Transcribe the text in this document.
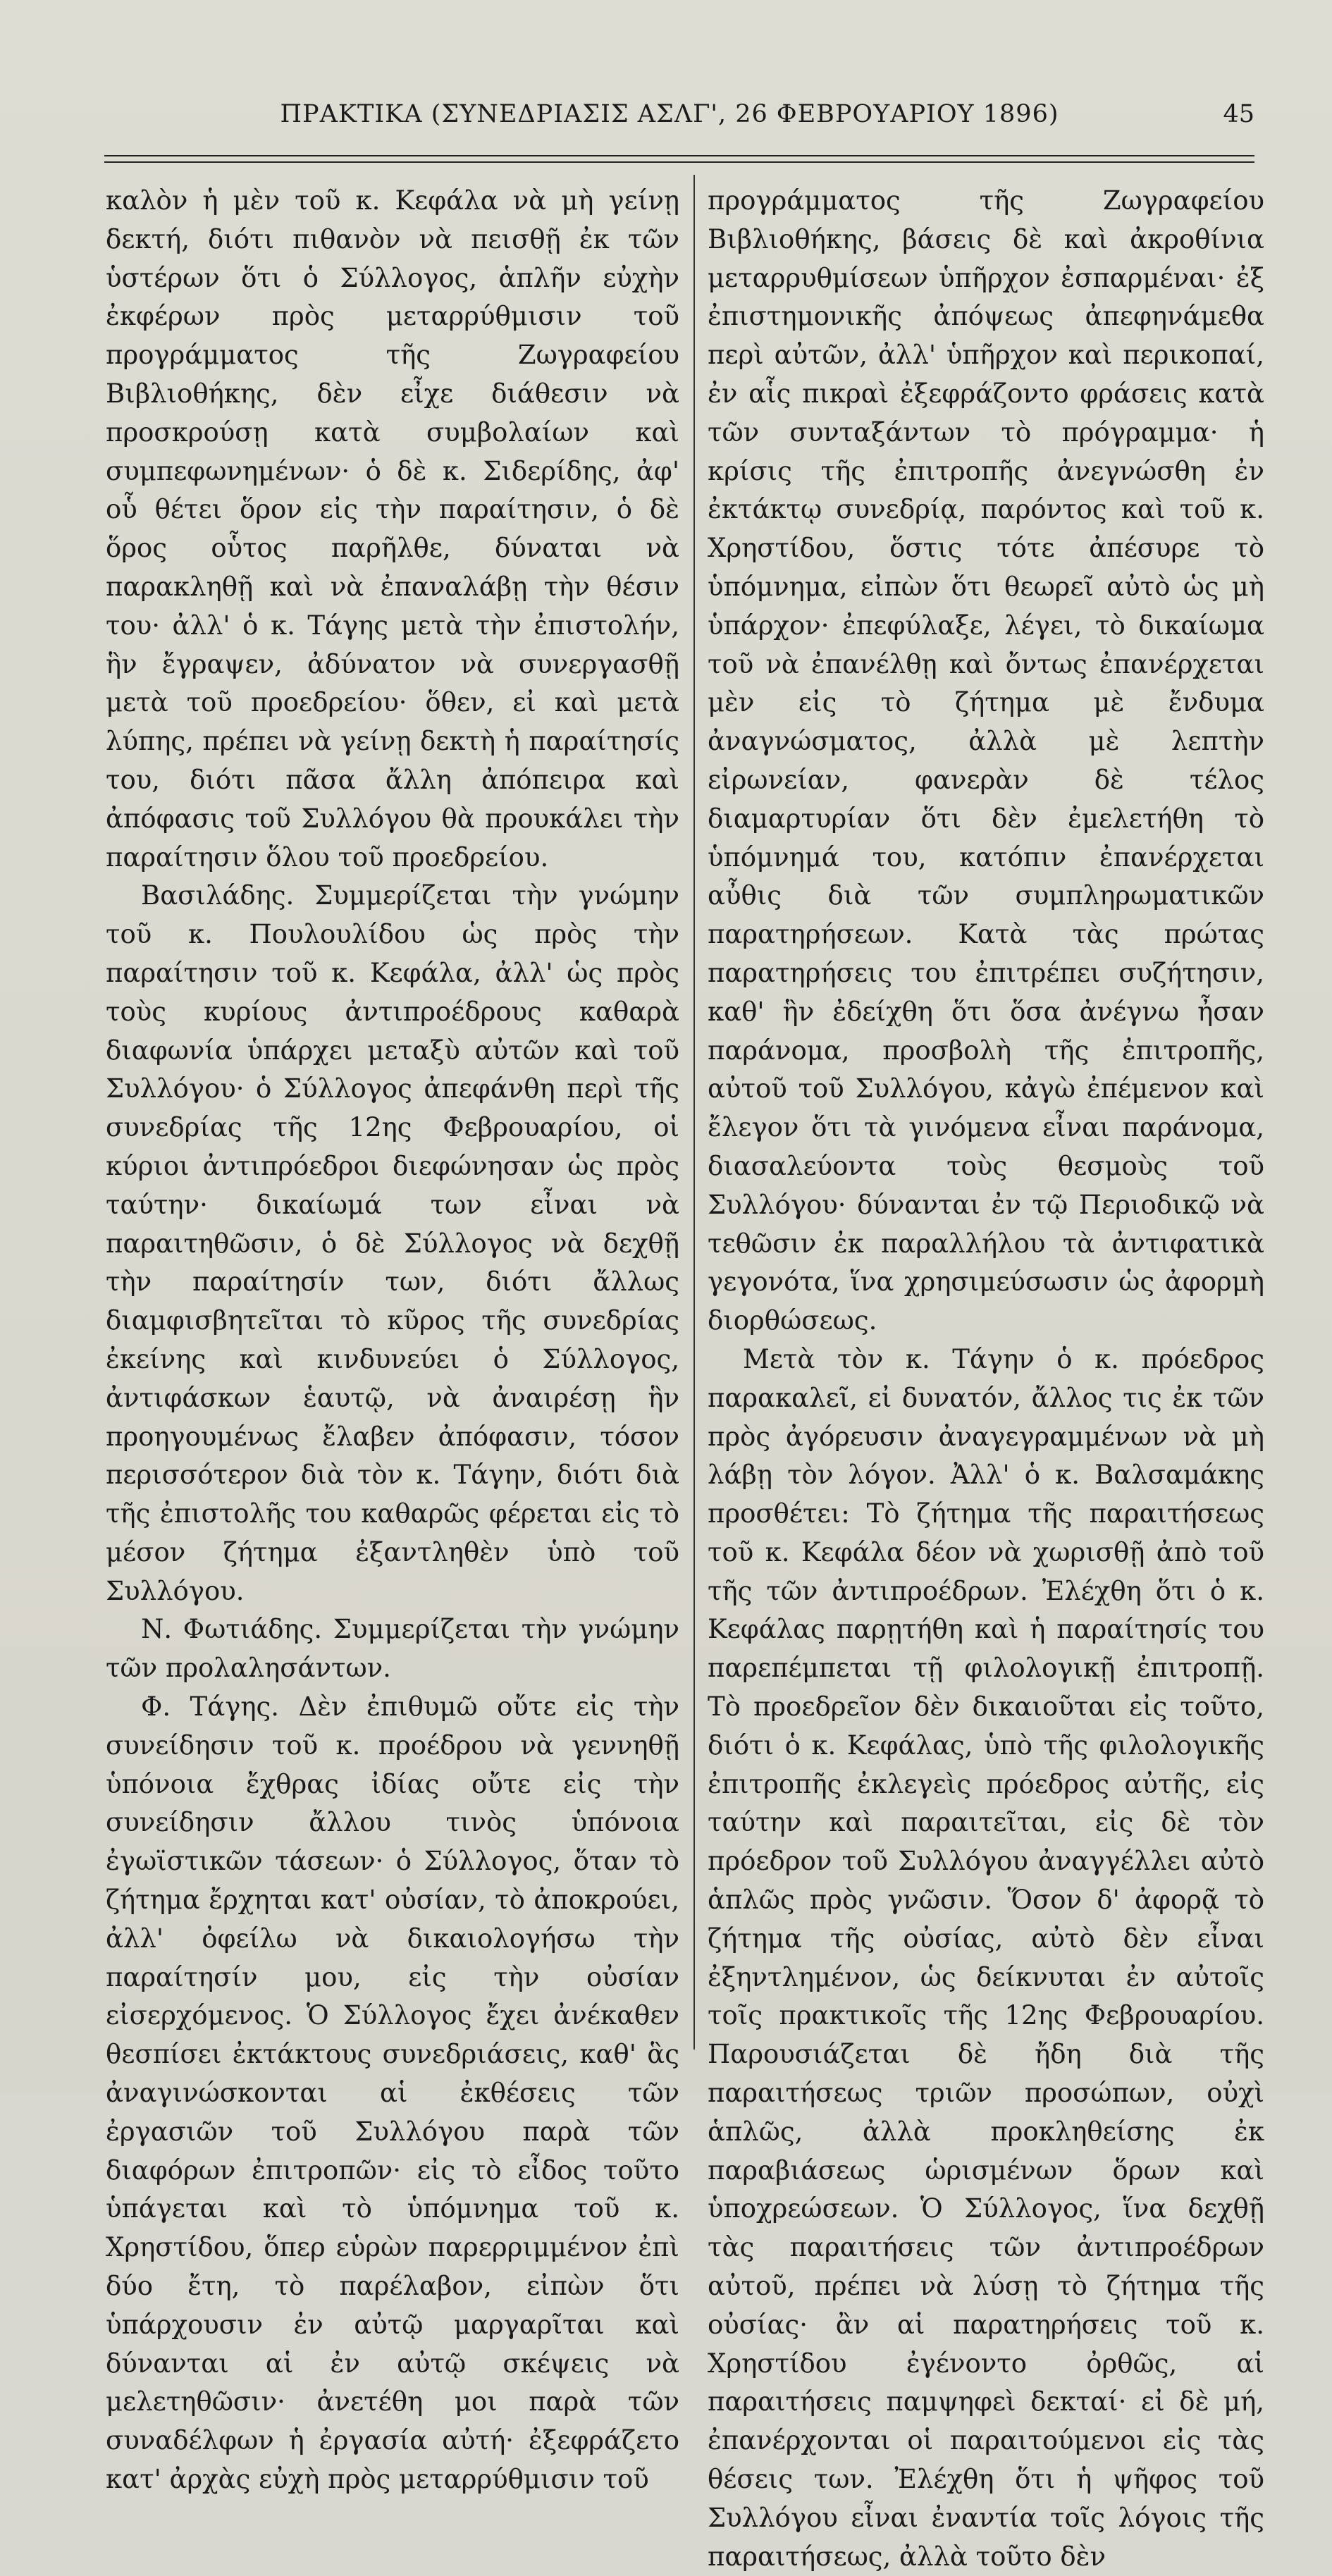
ΠΡΑΚΤΙΚΑ (ΣΥΝΕΔΡΙΑΣΙΣ ΑΣΛΓ', 26 ΦΕΒΡΟΥΑΡΙΟΥ 1896)	45

καλὸν ἡ μὲν τοῦ κ. Κεφάλα νὰ μὴ γείνῃ δεκτή, διότι πιθανὸν νὰ πεισθῇ ἐκ τῶν ὑστέρων ὅτι ὁ Σύλλογος, ἁπλῆν εὐχὴν ἐκφέρων πρὸς μεταρρύθμισιν τοῦ προγράμματος τῆς Ζωγραφείου Βιβλιοθήκης, δὲν εἶχε διάθεσιν νὰ προσκρούσῃ κατὰ συμβολαίων καὶ συμπεφωνημένων· ὁ δὲ κ. Σιδερίδης, ἀφ' οὗ θέτει ὅρον εἰς τὴν παραίτησιν, ὁ δὲ ὅρος οὗτος παρῆλθε, δύναται νὰ παρακληθῇ καὶ νὰ ἐπαναλάβῃ τὴν θέσιν του· ἀλλ' ὁ κ. Τάγης μετὰ τὴν ἐπιστολήν, ἣν ἔγραψεν, ἀδύνατον νὰ συνεργασθῇ μετὰ τοῦ προεδρείου· ὅθεν, εἰ καὶ μετὰ λύπης, πρέπει νὰ γείνῃ δεκτὴ ἡ παραίτησίς του, διότι πᾶσα ἄλλη ἀπόπειρα καὶ ἀπόφασις τοῦ Συλλόγου θὰ προυκάλει τὴν παραίτησιν ὅλου τοῦ προεδρείου.

Βασιλάδης. Συμμερίζεται τὴν γνώμην τοῦ κ. Πουλουλίδου ὡς πρὸς τὴν παραίτησιν τοῦ κ. Κεφάλα, ἀλλ' ὡς πρὸς τοὺς κυρίους ἀντιπροέδρους καθαρὰ διαφωνία ὑπάρχει μεταξὺ αὐτῶν καὶ τοῦ Συλλόγου· ὁ Σύλλογος ἀπεφάνθη περὶ τῆς συνεδρίας τῆς 12ης Φεβρουαρίου, οἱ κύριοι ἀντιπρόεδροι διεφώνησαν ὡς πρὸς ταύτην· δικαίωμά των εἶναι νὰ παραιτηθῶσιν, ὁ δὲ Σύλλογος νὰ δεχθῇ τὴν παραίτησίν των, διότι ἄλλως διαμφισβητεῖται τὸ κῦρος τῆς συνεδρίας ἐκείνης καὶ κινδυνεύει ὁ Σύλλογος, ἀντιφάσκων ἑαυτῷ, νὰ ἀναιρέσῃ ἣν προηγουμένως ἔλαβεν ἀπόφασιν, τόσον περισσότερον διὰ τὸν κ. Τάγην, διότι διὰ τῆς ἐπιστολῆς του καθαρῶς φέρεται εἰς τὸ μέσον ζήτημα ἐξαντληθὲν ὑπὸ τοῦ Συλλόγου.

Ν. Φωτιάδης. Συμμερίζεται τὴν γνώμην τῶν προλαλησάντων.

Φ. Τάγης. Δὲν ἐπιθυμῶ οὔτε εἰς τὴν συνείδησιν τοῦ κ. προέδρου νὰ γεννηθῇ ὑπόνοια ἔχθρας ἰδίας οὔτε εἰς τὴν συνείδησιν ἄλλου τινὸς ὑπόνοια ἐγωϊστικῶν τάσεων· ὁ Σύλλογος, ὅταν τὸ ζήτημα ἔρχηται κατ' οὐσίαν, τὸ ἀποκρούει, ἀλλ' ὀφείλω νὰ δικαιολογήσω τὴν παραίτησίν μου, εἰς τὴν οὐσίαν εἰσερχόμενος. Ὁ Σύλλογος ἔχει ἀνέκαθεν θεσπίσει ἐκτάκτους συνεδριάσεις, καθ' ἃς ἀναγινώσκονται αἱ ἐκθέσεις τῶν ἐργασιῶν τοῦ Συλλόγου παρὰ τῶν διαφόρων ἐπιτροπῶν· εἰς τὸ εἶδος τοῦτο ὑπάγεται καὶ τὸ ὑπόμνημα τοῦ κ. Χρηστίδου, ὅπερ εὑρὼν παρερριμμένον ἐπὶ δύο ἔτη, τὸ παρέλαβον, εἰπὼν ὅτι ὑπάρχουσιν ἐν αὐτῷ μαργαρῖται καὶ δύνανται αἱ ἐν αὐτῷ σκέψεις νὰ μελετηθῶσιν· ἀνετέθη μοι παρὰ τῶν συναδέλφων ἡ ἐργασία αὐτή· ἐξεφράζετο κατ' ἀρχὰς εὐχὴ πρὸς μεταρρύθμισιν τοῦ

προγράμματος τῆς Ζωγραφείου Βιβλιοθήκης, βάσεις δὲ καὶ ἀκροθίνια μεταρρυθμίσεων ὑπῆρχον ἐσπαρμέναι· ἐξ ἐπιστημονικῆς ἀπόψεως ἀπεφηνάμεθα περὶ αὐτῶν, ἀλλ' ὑπῆρχον καὶ περικοπαί, ἐν αἷς πικραὶ ἐξεφράζοντο φράσεις κατὰ τῶν συνταξάντων τὸ πρόγραμμα· ἡ κρίσις τῆς ἐπιτροπῆς ἀνεγνώσθη ἐν ἐκτάκτῳ συνεδρίᾳ, παρόντος καὶ τοῦ κ. Χρηστίδου, ὅστις τότε ἀπέσυρε τὸ ὑπόμνημα, εἰπὼν ὅτι θεωρεῖ αὐτὸ ὡς μὴ ὑπάρχον· ἐπεφύλαξε, λέγει, τὸ δικαίωμα τοῦ νὰ ἐπανέλθῃ καὶ ὄντως ἐπανέρχεται μὲν εἰς τὸ ζήτημα μὲ ἔνδυμα ἀναγνώσματος, ἀλλὰ μὲ λεπτὴν εἰρωνείαν, φανερὰν δὲ τέλος διαμαρτυρίαν ὅτι δὲν ἐμελετήθη τὸ ὑπόμνημά του, κατόπιν ἐπανέρχεται αὖθις διὰ τῶν συμπληρωματικῶν παρατηρήσεων. Κατὰ τὰς πρώτας παρατηρήσεις του ἐπιτρέπει συζήτησιν, καθ' ἣν ἐδείχθη ὅτι ὅσα ἀνέγνω ἦσαν παράνομα, προσβολὴ τῆς ἐπιτροπῆς, αὐτοῦ τοῦ Συλλόγου, κἀγὼ ἐπέμενον καὶ ἔλεγον ὅτι τὰ γινόμενα εἶναι παράνομα, διασαλεύοντα τοὺς θεσμοὺς τοῦ Συλλόγου· δύνανται ἐν τῷ Περιοδικῷ νὰ τεθῶσιν ἐκ παραλλήλου τὰ ἀντιφατικὰ γεγονότα, ἵνα χρησιμεύσωσιν ὡς ἀφορμὴ διορθώσεως.

Μετὰ τὸν κ. Τάγην ὁ κ. πρόεδρος παρακαλεῖ, εἰ δυνατόν, ἄλλος τις ἐκ τῶν πρὸς ἀγόρευσιν ἀναγεγραμμένων νὰ μὴ λάβῃ τὸν λόγον. Ἀλλ' ὁ κ. Βαλσαμάκης προσθέτει: Τὸ ζήτημα τῆς παραιτήσεως τοῦ κ. Κεφάλα δέον νὰ χωρισθῇ ἀπὸ τοῦ τῆς τῶν ἀντιπροέδρων. Ἐλέχθη ὅτι ὁ κ. Κεφάλας παρῃτήθη καὶ ἡ παραίτησίς του παρεπέμπεται τῇ φιλολογικῇ ἐπιτροπῇ. Τὸ προεδρεῖον δὲν δικαιοῦται εἰς τοῦτο, διότι ὁ κ. Κεφάλας, ὑπὸ τῆς φιλολογικῆς ἐπιτροπῆς ἐκλεγεὶς πρόεδρος αὐτῆς, εἰς ταύτην καὶ παραιτεῖται, εἰς δὲ τὸν πρόεδρον τοῦ Συλλόγου ἀναγγέλλει αὐτὸ ἁπλῶς πρὸς γνῶσιν. Ὅσον δ' ἀφορᾷ τὸ ζήτημα τῆς οὐσίας, αὐτὸ δὲν εἶναι ἐξηντλημένον, ὡς δείκνυται ἐν αὐτοῖς τοῖς πρακτικοῖς τῆς 12ης Φεβρουαρίου. Παρουσιάζεται δὲ ἤδη διὰ τῆς παραιτήσεως τριῶν προσώπων, οὐχὶ ἁπλῶς, ἀλλὰ προκληθείσης ἐκ παραβιάσεως ὡρισμένων ὅρων καὶ ὑποχρεώσεων. Ὁ Σύλλογος, ἵνα δεχθῇ τὰς παραιτήσεις τῶν ἀντιπροέδρων αὐτοῦ, πρέπει νὰ λύσῃ τὸ ζήτημα τῆς οὐσίας· ἂν αἱ παρατηρήσεις τοῦ κ. Χρηστίδου ἐγένοντο ὀρθῶς, αἱ παραιτήσεις παμψηφεὶ δεκταί· εἰ δὲ μή, ἐπανέρχονται οἱ παραιτούμενοι εἰς τὰς θέσεις των. Ἐλέχθη ὅτι ἡ ψῆφος τοῦ Συλλόγου εἶναι ἐναντία τοῖς λόγοις τῆς παραιτήσεως, ἀλλὰ τοῦτο δὲν
